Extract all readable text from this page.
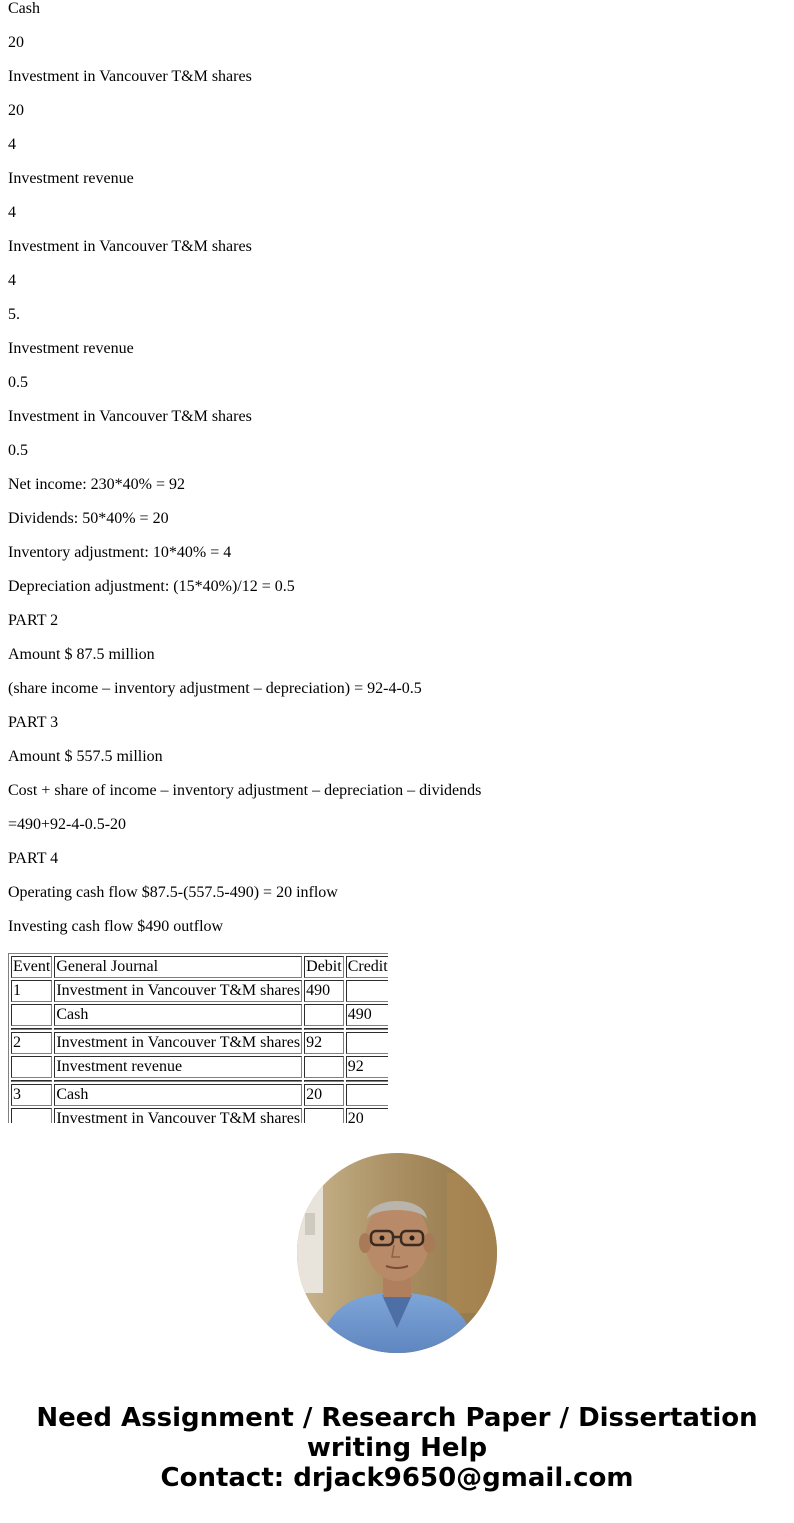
Cash

20

Investment in Vancouver T&M shares

20

4

Investment revenue

4

Investment in Vancouver T&M shares

4

5.

Investment revenue

0.5

Investment in Vancouver T&M shares

0.5

Net income: 230*40% = 92

Dividends: 50*40% = 20

Inventory adjustment: 10*40% = 4

Depreciation adjustment: (15*40%)/12 = 0.5

PART 2

Amount $ 87.5 million

(share income – inventory adjustment – depreciation) = 92-4-0.5

PART 3

Amount $ 557.5 million

Cost + share of income – inventory adjustment – depreciation – dividends

=490+92-4-0.5-20

PART 4

Operating cash flow $87.5-(557.5-490) = 20 inflow

Investing cash flow $490 outflow

Event	General Journal	Debit	Credit
1	Investment in Vancouver T&M shares	490	
	Cash		490

2	Investment in Vancouver T&M shares	92	
	Investment revenue		92

3	Cash	20	
	Investment in Vancouver T&M shares		20

Need Assignment / Research Paper / Dissertation
writing Help
Contact: drjack9650@gmail.com
